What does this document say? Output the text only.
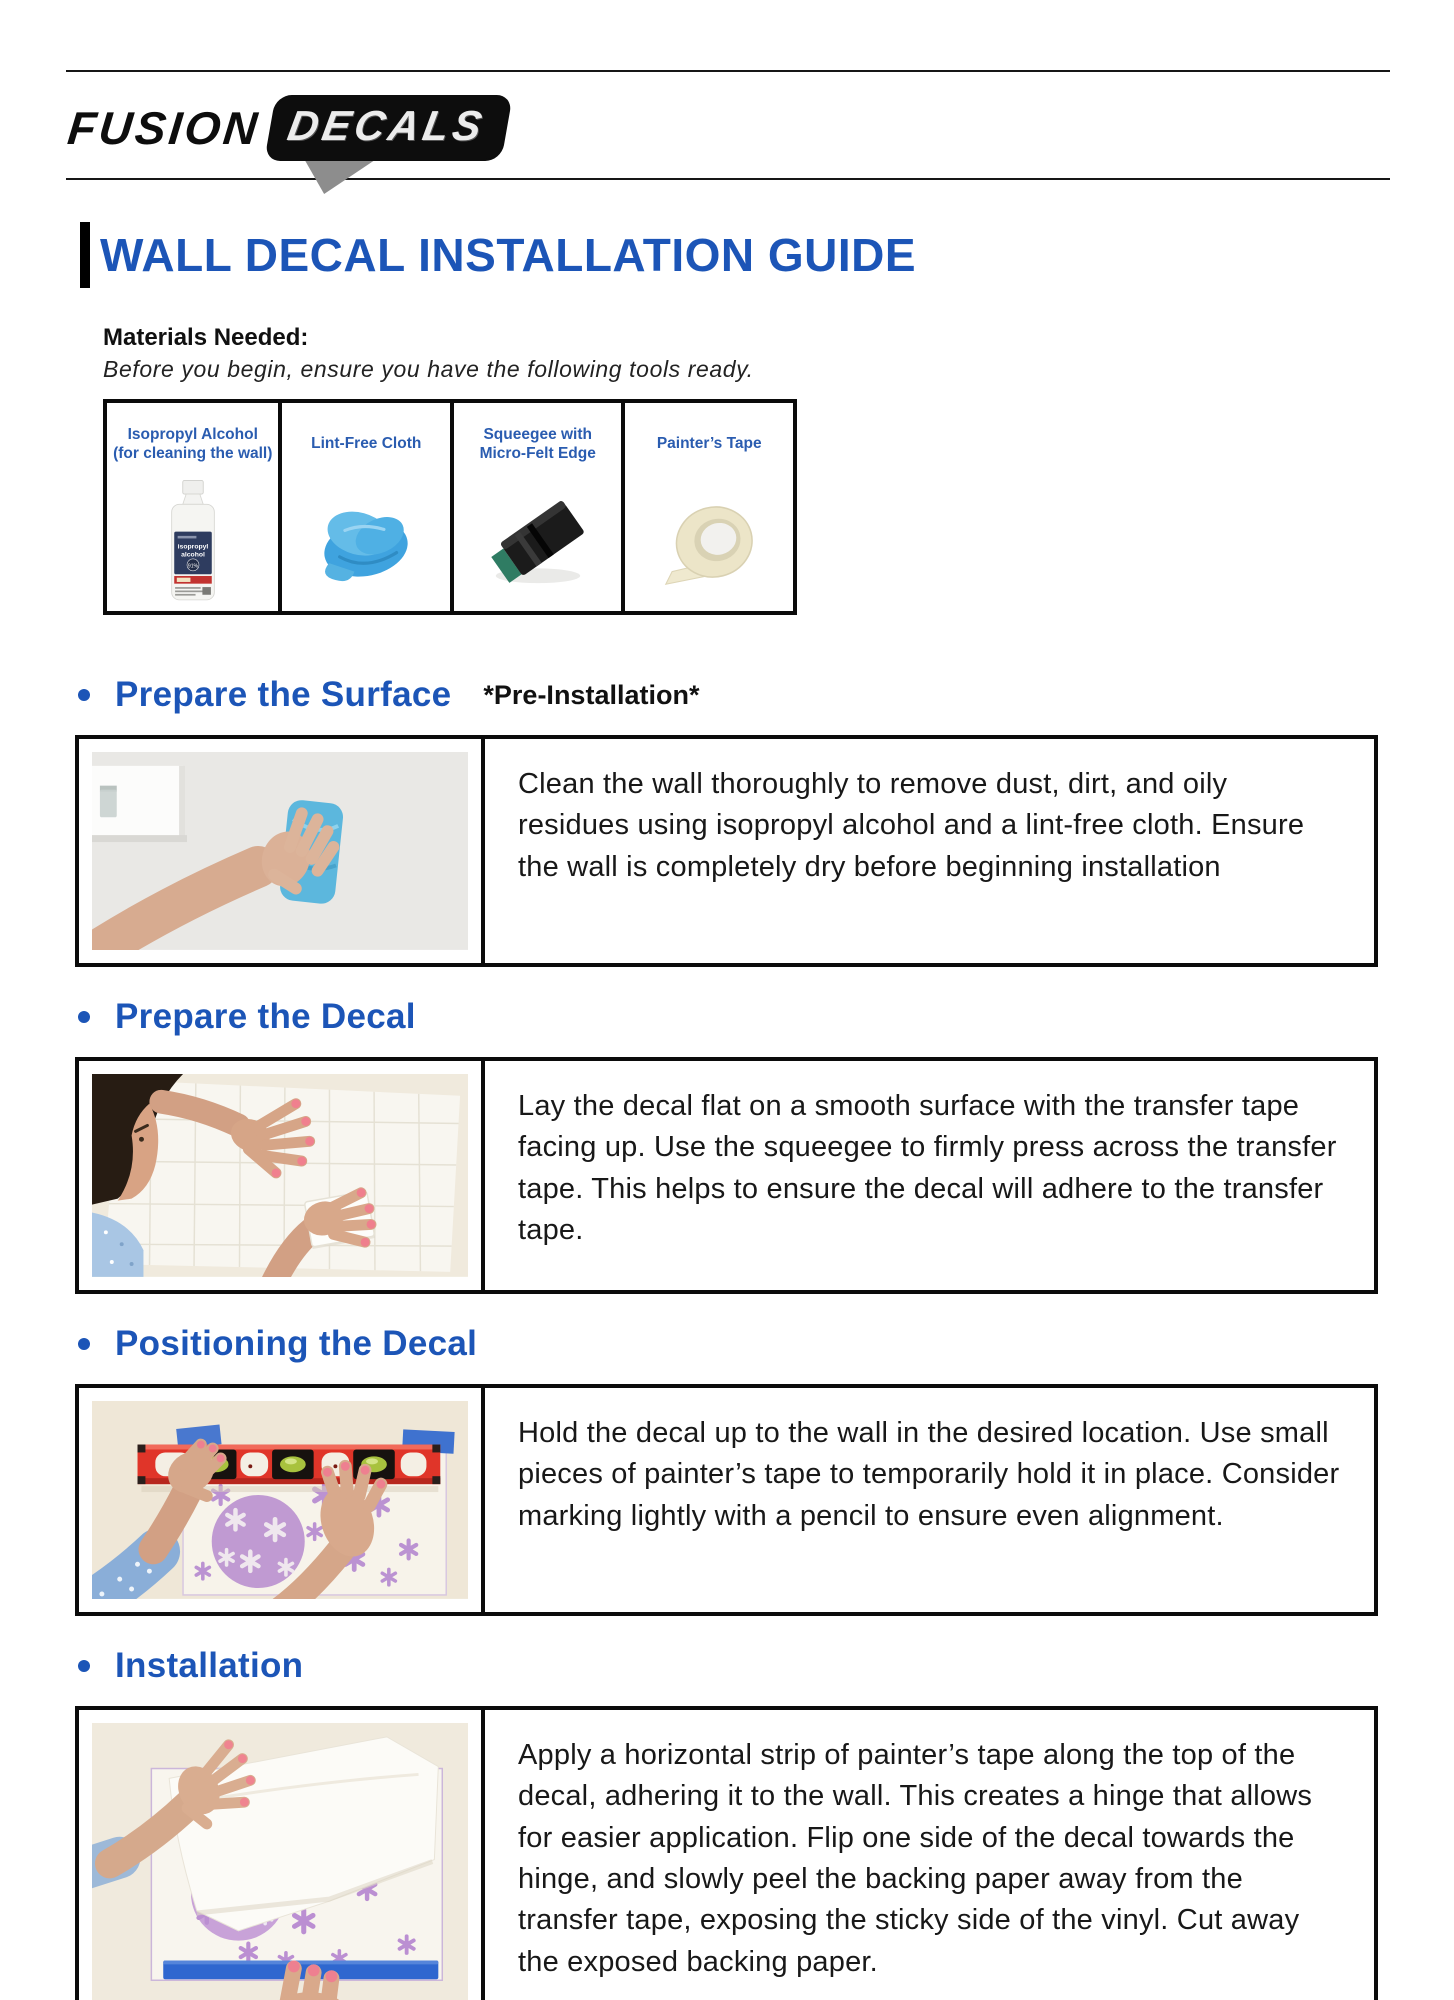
FUSION DECALS
WALL DECAL INSTALLATION GUIDE
Materials Needed:
Before you begin, ensure you have the following tools ready.
Isopropyl Alcohol (for cleaning the wall)
isopropyl
alcohol
91%
Lint-Free Cloth
Squeegee with Micro-Felt Edge
Painter’s Tape
Prepare the Surface *Pre-Installation*
Clean the wall thoroughly to remove dust, dirt, and oily residues using isopropyl alcohol and a lint-free cloth. Ensure the wall is completely dry before beginning installation
Prepare the Decal
Lay the decal flat on a smooth surface with the transfer tape facing up. Use the squeegee to firmly press across the transfer tape. This helps to ensure the decal will adhere to the transfer tape.
Positioning the Decal
Hold the decal up to the wall in the desired location. Use small pieces of painter’s tape to temporarily hold it in place. Consider marking lightly with a pencil to ensure even alignment.
Installation
Apply a horizontal strip of painter’s tape along the top of the decal, adhering it to the wall. This creates a hinge that allows for easier application. Flip one side of the decal towards the hinge, and slowly peel the backing paper away from the transfer tape, exposing the sticky side of the vinyl. Cut away the exposed backing paper.
